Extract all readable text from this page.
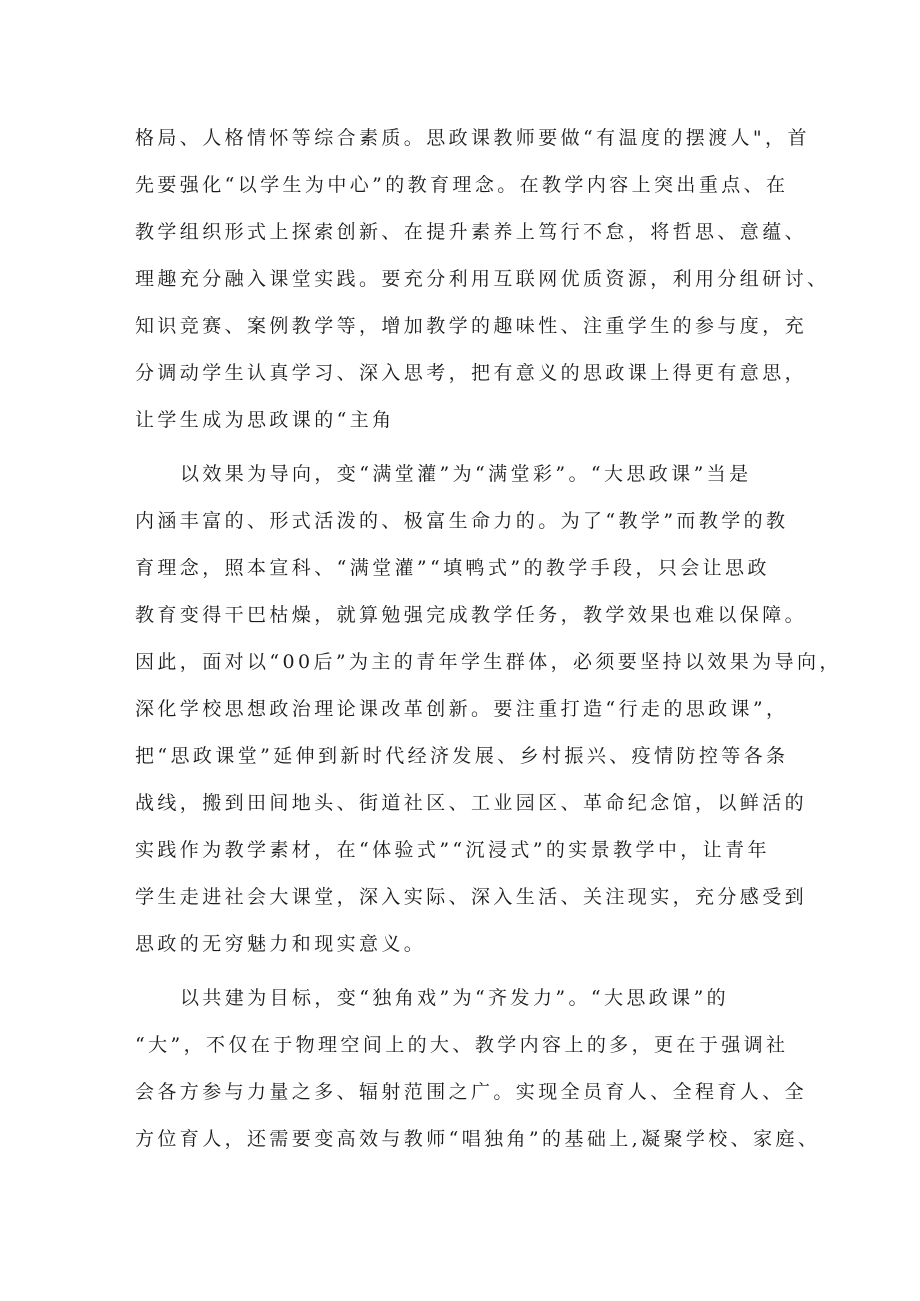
格局、人格情怀等综合素质。思政课教师要做“有温度的摆渡人"，首
先要强化“以学生为中心”的教育理念。在教学内容上突出重点、在
教学组织形式上探索创新、在提升素养上笃行不怠，将哲思、意蕴、
理趣充分融入课堂实践。要充分利用互联网优质资源，利用分组研讨、
知识竞赛、案例教学等，增加教学的趣味性、注重学生的参与度，充
分调动学生认真学习、深入思考，把有意义的思政课上得更有意思，
让学生成为思政课的“主角
以效果为导向，变“满堂灌”为“满堂彩”。“大思政课”当是
内涵丰富的、形式活泼的、极富生命力的。为了“教学”而教学的教
育理念，照本宣科、“满堂灌”“填鸭式”的教学手段，只会让思政
教育变得干巴枯燥，就算勉强完成教学任务，教学效果也难以保障。
因此，面对以“00后”为主的青年学生群体，必须要坚持以效果为导向，
深化学校思想政治理论课改革创新。要注重打造“行走的思政课”，
把“思政课堂”延伸到新时代经济发展、乡村振兴、疫情防控等各条
战线，搬到田间地头、街道社区、工业园区、革命纪念馆，以鲜活的
实践作为教学素材，在“体验式”“沉浸式”的实景教学中，让青年
学生走进社会大课堂，深入实际、深入生活、关注现实，充分感受到
思政的无穷魅力和现实意义。
以共建为目标，变“独角戏”为“齐发力”。“大思政课”的
“大”，不仅在于物理空间上的大、教学内容上的多，更在于强调社
会各方参与力量之多、辐射范围之广。实现全员育人、全程育人、全
方位育人，还需要变高效与教师“唱独角”的基础上,凝聚学校、家庭、
